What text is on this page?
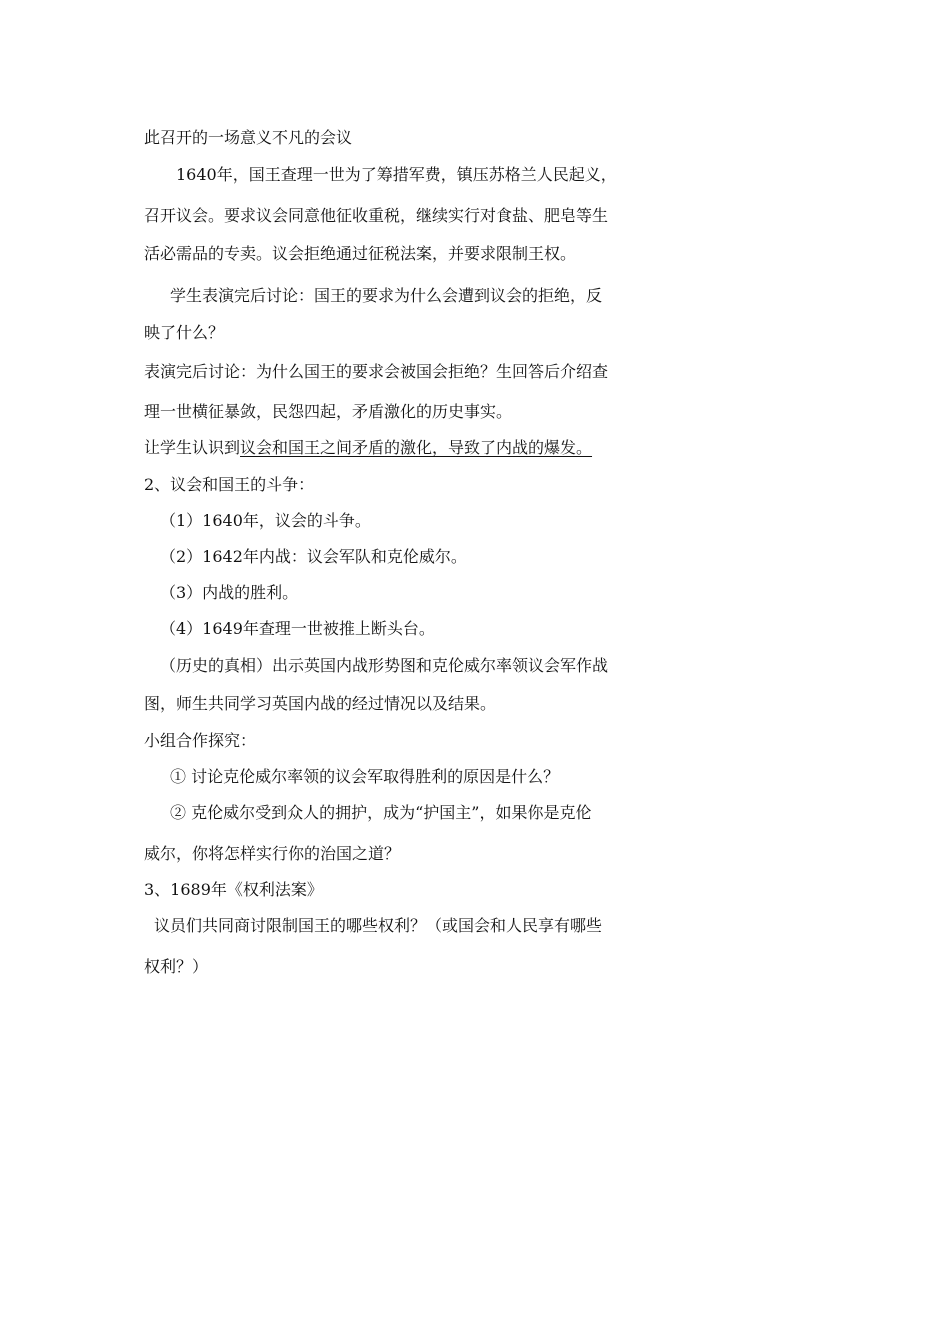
此召开的一场意义不凡的会议
1640年，国王查理一世为了筹措军费，镇压苏格兰人民起义，
召开议会。要求议会同意他征收重税，继续实行对食盐、肥皂等生
活必需品的专卖。议会拒绝通过征税法案，并要求限制王权。
学生表演完后讨论：国王的要求为什么会遭到议会的拒绝，反
映了什么？
表演完后讨论：为什么国王的要求会被国会拒绝？生回答后介绍查
理一世横征暴敛，民怨四起，矛盾激化的历史事实。
让学生认识到议会和国王之间矛盾的激化，导致了内战的爆发。
2、议会和国王的斗争：
（1）1640年，议会的斗争。
（2）1642年内战：议会军队和克伦威尔。
（3）内战的胜利。
（4）1649年查理一世被推上断头台。
（历史的真相）出示英国内战形势图和克伦威尔率领议会军作战
图，师生共同学习英国内战的经过情况以及结果。
小组合作探究：
① 讨论克伦威尔率领的议会军取得胜利的原因是什么？
② 克伦威尔受到众人的拥护，成为“护国主”，如果你是克伦
威尔，你将怎样实行你的治国之道？
3、1689年《权利法案》
议员们共同商讨限制国王的哪些权利？（或国会和人民享有哪些
权利？）
